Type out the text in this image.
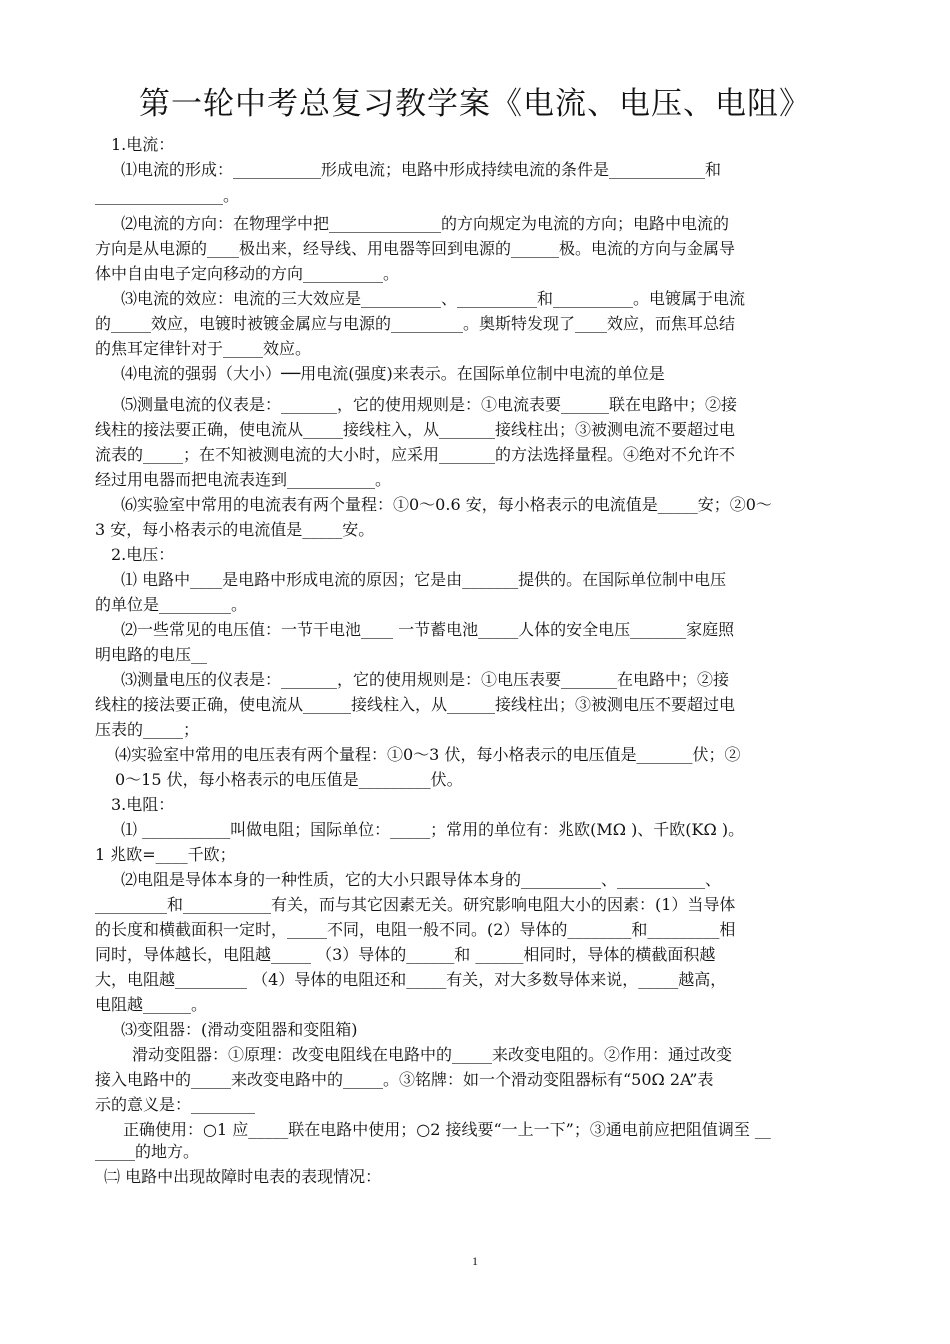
第一轮中考总复习教学案《电流、电压、电阻》
1.电流：
⑴电流的形成：___________形成电流；电路中形成持续电流的条件是____________和
________________。
⑵电流的方向：在物理学中把______________的方向规定为电流的方向；电路中电流的
方向是从电源的____极出来，经导线、用电器等回到电源的______极。电流的方向与金属导
体中自由电子定向移动的方向__________。
⑶电流的效应：电流的三大效应是__________、__________和__________。电镀属于电流
的_____效应，电镀时被镀金属应与电源的_________。奥斯特发现了____效应，而焦耳总结
的焦耳定律针对于_____效应。
⑷电流的强弱（大小）──用电流(强度)来表示。在国际单位制中电流的单位是
⑸测量电流的仪表是：_______，它的使用规则是：①电流表要______联在电路中；②接
线柱的接法要正确，使电流从_____接线柱入，从_______接线柱出；③被测电流不要超过电
流表的_____；在不知被测电流的大小时，应采用_______的方法选择量程。④绝对不允许不
经过用电器而把电流表连到___________。
⑹实验室中常用的电流表有两个量程：①0～0.6 安，每小格表示的电流值是_____安；②0～
3 安，每小格表示的电流值是_____安。
2.电压：
⑴ 电路中____是电路中形成电流的原因；它是由_______提供的。在国际单位制中电压
的单位是_________。
⑵一些常见的电压值：一节干电池____ 一节蓄电池_____人体的安全电压_______家庭照
明电路的电压__
⑶测量电压的仪表是：_______，它的使用规则是：①电压表要_______在电路中；②接
线柱的接法要正确，使电流从______接线柱入，从______接线柱出；③被测电压不要超过电
压表的_____；
⑷实验室中常用的电压表有两个量程：①0～3 伏，每小格表示的电压值是_______伏；②
0～15 伏，每小格表示的电压值是_________伏。
3.电阻：
⑴ ___________叫做电阻；国际单位：_____；常用的单位有：兆欧(MΩ )、千欧(KΩ )。
1 兆欧=____千欧；
⑵电阻是导体本身的一种性质，它的大小只跟导体本身的__________、___________、
_________和___________有关，而与其它因素无关。研究影响电阻大小的因素：(1）当导体
的长度和横截面积一定时，_____不同，电阻一般不同。(2）导体的________和_________相
同时，导体越长，电阻越_____ （3）导体的______和 ______相同时，导体的横截面积越
大，电阻越_________ （4）导体的电阻还和_____有关，对大多数导体来说，_____越高，
电阻越______。
⑶变阻器：(滑动变阻器和变阻箱)
滑动变阻器：➀原理：改变电阻线在电路中的_____来改变电阻的。➁作用：通过改变
接入电路中的_____来改变电路中的_____。➂铭牌：如一个滑动变阻器标有“50Ω 2A”表
示的意义是：________
正确使用：○1 应_____联在电路中使用；○2 接线要“一上一下”；➂通电前应把阻值调至 __
_____的地方。
㈡ 电路中出现故障时电表的表现情况：
1
